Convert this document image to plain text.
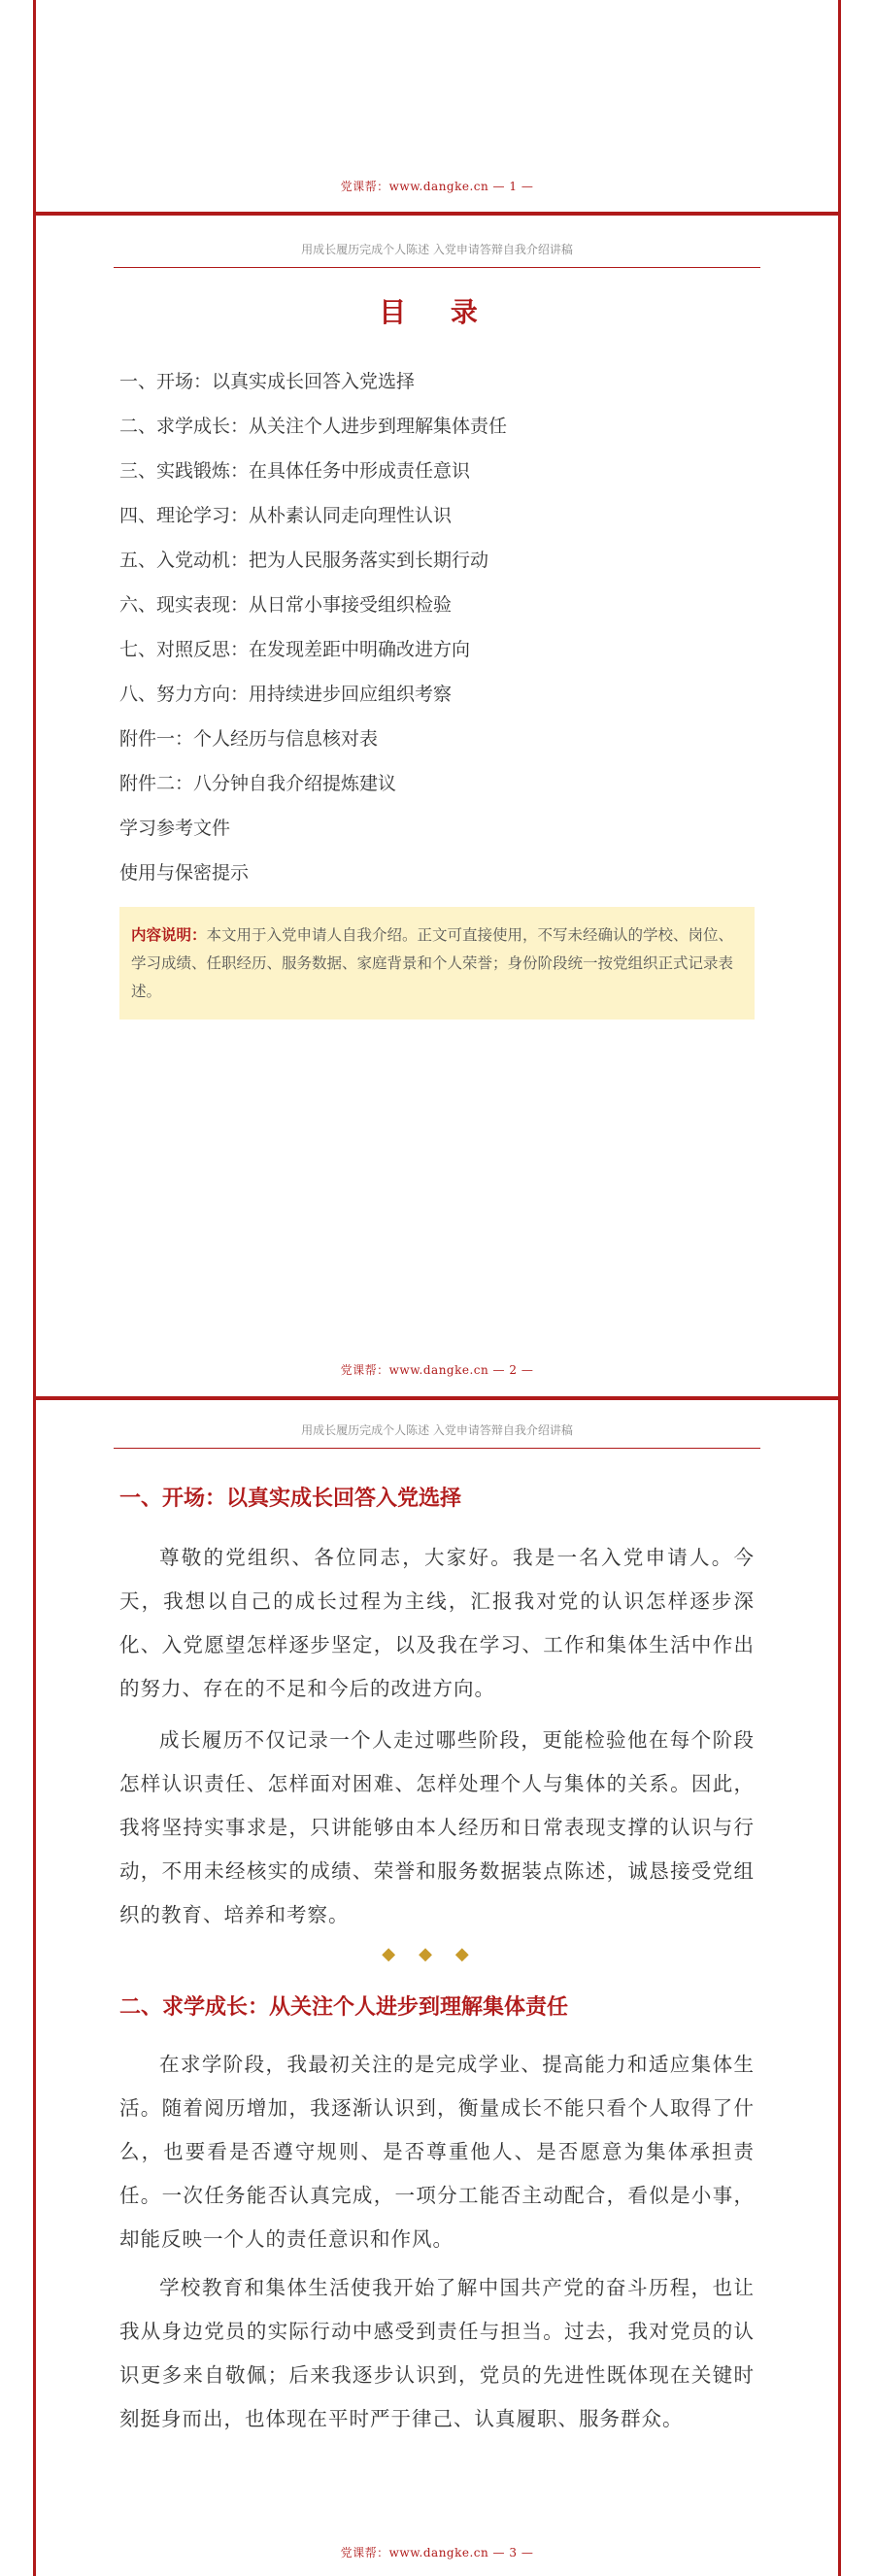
党课帮：www.dangke.cn — 1 —
用成长履历完成个人陈述 入党申请答辩自我介绍讲稿
目 录
一、开场：以真实成长回答入党选择
二、求学成长：从关注个人进步到理解集体责任
三、实践锻炼：在具体任务中形成责任意识
四、理论学习：从朴素认同走向理性认识
五、入党动机：把为人民服务落实到长期行动
六、现实表现：从日常小事接受组织检验
七、对照反思：在发现差距中明确改进方向
八、努力方向：用持续进步回应组织考察
附件一：个人经历与信息核对表
附件二：八分钟自我介绍提炼建议
学习参考文件
使用与保密提示
内容说明：本文用于入党申请人自我介绍。正文可直接使用，不写未经确认的学校、岗位、学习成绩、任职经历、服务数据、家庭背景和个人荣誉；身份阶段统一按党组织正式记录表述。
党课帮：www.dangke.cn — 2 —
用成长履历完成个人陈述 入党申请答辩自我介绍讲稿
一、开场：以真实成长回答入党选择

尊敬的党组织、各位同志，大家好。我是一名入党申请人。今天，我想以自己的成长过程为主线，汇报我对党的认识怎样逐步深化、入党愿望怎样逐步坚定，以及我在学习、工作和集体生活中作出的努力、存在的不足和今后的改进方向。

成长履历不仅记录一个人走过哪些阶段，更能检验他在每个阶段怎样认识责任、怎样面对困难、怎样处理个人与集体的关系。因此，我将坚持实事求是，只讲能够由本人经历和日常表现支撑的认识与行动，不用未经核实的成绩、荣誉和服务数据装点陈述，诚恳接受党组织的教育、培养和考察。

◆◆◆
二、求学成长：从关注个人进步到理解集体责任

在求学阶段，我最初关注的是完成学业、提高能力和适应集体生活。随着阅历增加，我逐渐认识到，衡量成长不能只看个人取得了什么，也要看是否遵守规则、是否尊重他人、是否愿意为集体承担责任。一次任务能否认真完成，一项分工能否主动配合，看似是小事，却能反映一个人的责任意识和作风。

学校教育和集体生活使我开始了解中国共产党的奋斗历程，也让我从身边党员的实际行动中感受到责任与担当。过去，我对党员的认识更多来自敬佩；后来我逐步认识到，党员的先进性既体现在关键时刻挺身而出，也体现在平时严于律己、认真履职、服务群众。

党课帮：www.dangke.cn — 3 —
